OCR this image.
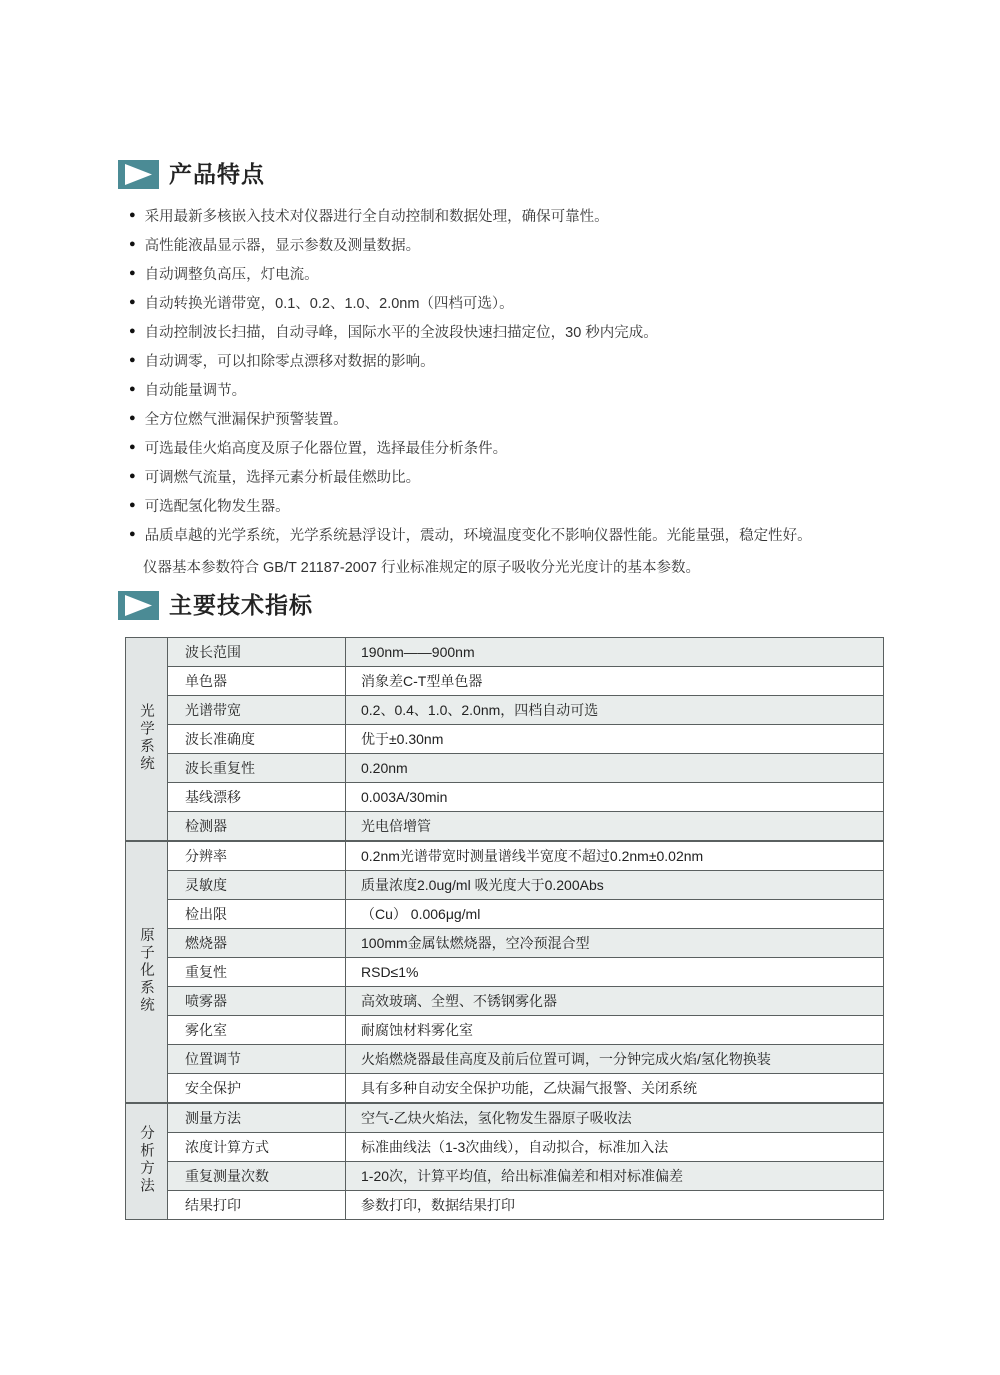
产品特点
● 采用最新多核嵌入技术对仪器进行全自动控制和数据处理，确保可靠性。
● 高性能液晶显示器，显示参数及测量数据。
● 自动调整负高压，灯电流。
● 自动转换光谱带宽，0.1、0.2、1.0、2.0nm（四档可选）。
● 自动控制波长扫描，自动寻峰，国际水平的全波段快速扫描定位，30 秒内完成。
● 自动调零，可以扣除零点漂移对数据的影响。
● 自动能量调节。
● 全方位燃气泄漏保护预警装置。
● 可选最佳火焰高度及原子化器位置，选择最佳分析条件。
● 可调燃气流量，选择元素分析最佳燃助比。
● 可选配氢化物发生器。
● 品质卓越的光学系统，光学系统悬浮设计，震动，环境温度变化不影响仪器性能。光能量强，稳定性好。
仪器基本参数符合 GB/T 21187-2007 行业标准规定的原子吸收分光光度计的基本参数。
主要技术指标
光学系统	波长范围	190nm——900nm
	单色器	消象差C-T型单色器
	光谱带宽	0.2、0.4、1.0、2.0nm，四档自动可选
	波长准确度	优于±0.30nm
	波长重复性	0.20nm
	基线漂移	0.003A/30min
	检测器	光电倍增管
原子化系统	分辨率	0.2nm光谱带宽时测量谱线半宽度不超过0.2nm±0.02nm
	灵敏度	质量浓度2.0ug/ml 吸光度大于0.200Abs
	检出限	（Cu） 0.006μg/ml
	燃烧器	100mm金属钛燃烧器，空冷预混合型
	重复性	RSD≤1%
	喷雾器	高效玻璃、全塑、不锈钢雾化器
	雾化室	耐腐蚀材料雾化室
	位置调节	火焰燃烧器最佳高度及前后位置可调，一分钟完成火焰/氢化物换装
	安全保护	具有多种自动安全保护功能，乙炔漏气报警、关闭系统
分析方法	测量方法	空气-乙炔火焰法，氢化物发生器原子吸收法
	浓度计算方式	标准曲线法（1-3次曲线），自动拟合，标准加入法
	重复测量次数	1-20次，计算平均值，给出标准偏差和相对标准偏差
	结果打印	参数打印，数据结果打印
